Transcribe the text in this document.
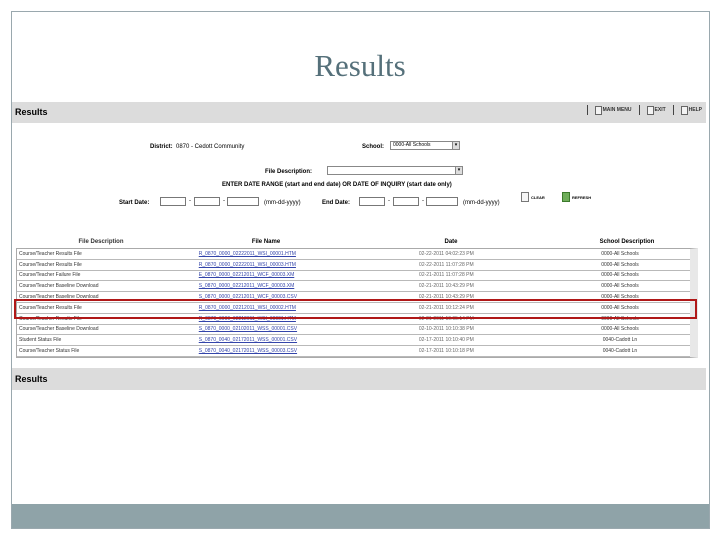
Results
Results	MAIN MENU	EXIT	HELP
District: 0870 - Cedott Community	School:	0000-All Schools	▾
File Description:	▾
ENTER DATE RANGE (start and end date) OR DATE OF INQUIRY (start date only)
Start Date:	-	-	(mm-dd-yyyy)	End Date:	-	-	(mm-dd-yyyy)
CLEAR	REFRESH
File Description	File Name	Date	School Description
Course/Teacher Results File	R_0870_0000_02222011_WSI_00001.HTM	02-22-2011 04:02:23 PM	0000-All Schools
Course/Teacher Results File	R_0870_0000_02222011_WSI_00003.HTM	02-22-2011 11:07:28 PM	0000-All Schools
Course/Teacher Failure File	E_0870_0000_02212011_WCF_00003.XM	02-21-2011 11:07:28 PM	0000-All Schools
Course/Teacher Baseline Download	S_0870_0000_02212011_WCF_00003.XM	02-21-2011 10:43:29 PM	0000-All Schools
Course/Teacher Baseline Download	S_0870_0000_02212011_WCF_00003.CSV	02-21-2011 10:43:29 PM	0000-All Schools
Course/Teacher Results File	R_0870_0000_02212011_WSI_00002.HTM	02-21-2011 10:12:24 PM	0000-All Schools
Course/Teacher Results File	R_0870_0000_02212011_WSI_00001.HTM	02-21-2011 10:05:14 PM	0000-All Schools
Course/Teacher Baseline Download	S_0870_0000_02102011_WSS_00001.CSV	02-10-2011 10:10:38 PM	0000-All Schools
Student Status File	S_0870_0040_02172011_WSS_00001.CSV	02-17-2011 10:10:40 PM	0040-Cadott Ln
Course/Teacher Status File	S_0870_0040_02172011_WSS_00003.CSV	02-17-2011 10:10:18 PM	0040-Cadott Ln
Results
